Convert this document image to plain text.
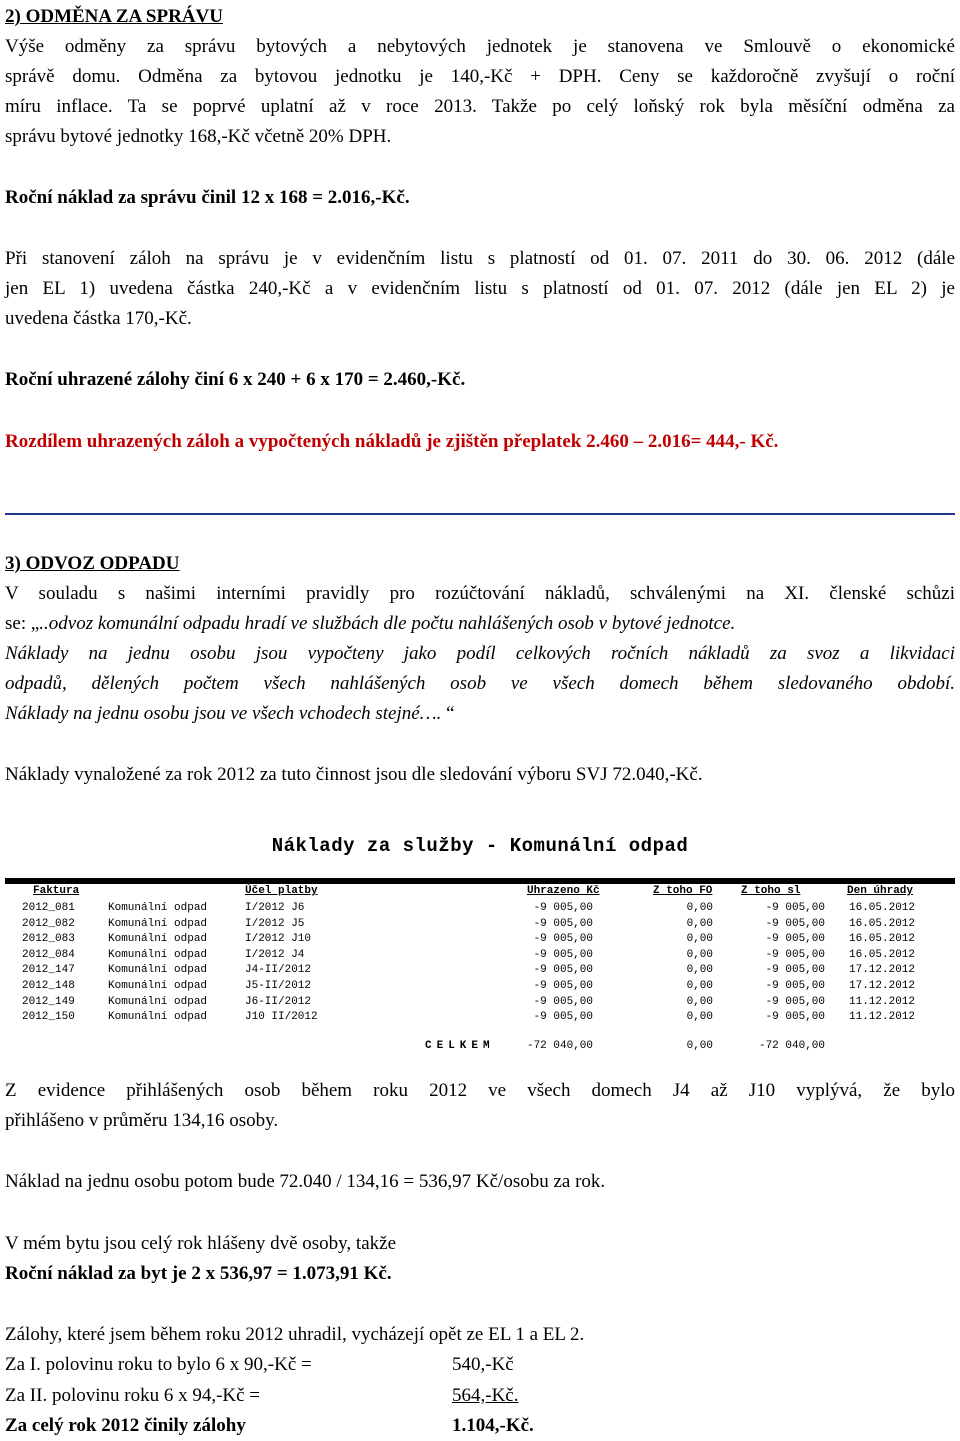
2) ODMĚNA ZA SPRÁVU
Výše odměny za správu bytových a nebytových jednotek je stanovena ve Smlouvě o ekonomické
správě domu. Odměna za bytovou jednotku je 140,-Kč + DPH. Ceny se každoročně zvyšují o roční
míru inflace. Ta se poprvé uplatní až v roce 2013. Takže po celý loňský rok byla měsíční odměna za
správu bytové jednotky 168,-Kč včetně 20% DPH.
Roční náklad za správu činil 12 x 168 = 2.016,-Kč.
Při stanovení záloh na správu je v evidenčním listu s platností od 01. 07. 2011 do 30. 06. 2012 (dále
jen EL 1) uvedena částka 240,-Kč a v evidenčním listu s platností od 01. 07. 2012 (dále jen EL 2) je
uvedena částka 170,-Kč.
Roční uhrazené zálohy činí 6 x 240 + 6 x 170 = 2.460,-Kč.
Rozdílem uhrazených záloh a vypočtených nákladů je zjištěn přeplatek 2.460 – 2.016= 444,- Kč.
3) ODVOZ ODPADU
V souladu s našimi interními pravidly pro rozúčtování nákladů, schválenými na XI. členské schůzi
se: „..odvoz komunální odpadu hradí ve službách dle počtu nahlášených osob v bytové jednotce.
Náklady na jednu osobu jsou vypočteny jako podíl celkových ročních nákladů za svoz a likvidaci
odpadů, dělených počtem všech nahlášených osob ve všech domech během sledovaného období.
Náklady na jednu osobu jsou ve všech vchodech stejné…. “
Náklady vynaložené za rok 2012 za tuto činnost jsou dle sledování výboru SVJ 72.040,-Kč.
Náklady za služby - Komunální odpad
Faktura	Účel platby	Uhrazeno Kč	Z toho FO	Z toho sl	Den úhrady
2012_081	Komunální odpad	I/2012 J6	-9 005,00	0,00	-9 005,00 16.05.2012
2012_082	Komunální odpad	I/2012 J5	-9 005,00	0,00	-9 005,00 16.05.2012
2012_083	Komunální odpad	I/2012 J10	-9 005,00	0,00	-9 005,00 16.05.2012
2012_084	Komunální odpad	I/2012 J4	-9 005,00	0,00	-9 005,00 16.05.2012
2012_147	Komunální odpad	J4-II/2012	-9 005,00	0,00	-9 005,00 17.12.2012
2012_148	Komunální odpad	J5-II/2012	-9 005,00	0,00	-9 005,00 17.12.2012
2012_149	Komunální odpad	J6-II/2012	-9 005,00	0,00	-9 005,00 11.12.2012
2012_150	Komunální odpad	J10 II/2012	-9 005,00	0,00	-9 005,00 11.12.2012
CELKEM	-72 040,00	0,00	-72 040,00
Z evidence přihlášených osob během roku 2012 ve všech domech J4 až J10 vyplývá, že bylo
přihlášeno v průměru 134,16 osoby.
Náklad na jednu osobu potom bude 72.040 / 134,16 = 536,97 Kč/osobu za rok.
V mém bytu jsou celý rok hlášeny dvě osoby, takže
Roční náklad za byt je 2 x 536,97 = 1.073,91 Kč.
Zálohy, které jsem během roku 2012 uhradil, vycházejí opět ze EL 1 a EL 2.
Za I. polovinu roku to bylo 6 x 90,-Kč =	540,-Kč
Za II. polovinu roku 6 x 94,-Kč =	564,-Kč.
Za celý rok 2012 činily zálohy	1.104,-Kč.
